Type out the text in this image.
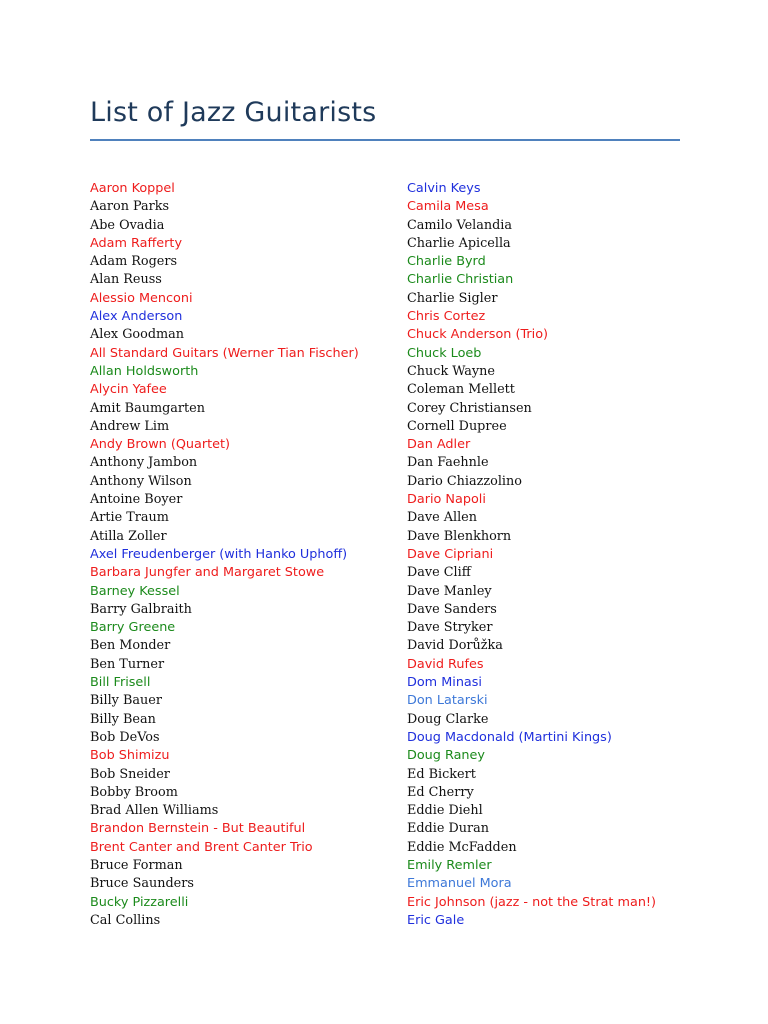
List of Jazz Guitarists
Aaron Koppel
Aaron Parks
Abe Ovadia
Adam Rafferty
Adam Rogers
Alan Reuss
Alessio Menconi
Alex Anderson
Alex Goodman
All Standard Guitars (Werner Tian Fischer)
Allan Holdsworth
Alycin Yafee
Amit Baumgarten
Andrew Lim
Andy Brown (Quartet)
Anthony Jambon
Anthony Wilson
Antoine Boyer
Artie Traum
Atilla Zoller
Axel Freudenberger (with Hanko Uphoff)
Barbara Jungfer and Margaret Stowe
Barney Kessel
Barry Galbraith
Barry Greene
Ben Monder
Ben Turner
Bill Frisell
Billy Bauer
Billy Bean
Bob DeVos
Bob Shimizu
Bob Sneider
Bobby Broom
Brad Allen Williams
Brandon Bernstein - But Beautiful
Brent Canter and Brent Canter Trio
Bruce Forman
Bruce Saunders
Bucky Pizzarelli
Cal Collins
Calvin Keys
Camila Mesa
Camilo Velandia
Charlie Apicella
Charlie Byrd
Charlie Christian
Charlie Sigler
Chris Cortez
Chuck Anderson (Trio)
Chuck Loeb
Chuck Wayne
Coleman Mellett
Corey Christiansen
Cornell Dupree
Dan Adler
Dan Faehnle
Dario Chiazzolino
Dario Napoli
Dave Allen
Dave Blenkhorn
Dave Cipriani
Dave Cliff
Dave Manley
Dave Sanders
Dave Stryker
David Dorůžka
David Rufes
Dom Minasi
Don Latarski
Doug Clarke
Doug Macdonald (Martini Kings)
Doug Raney
Ed Bickert
Ed Cherry
Eddie Diehl
Eddie Duran
Eddie McFadden
Emily Remler
Emmanuel Mora
Eric Johnson (jazz - not the Strat man!)
Eric Gale
